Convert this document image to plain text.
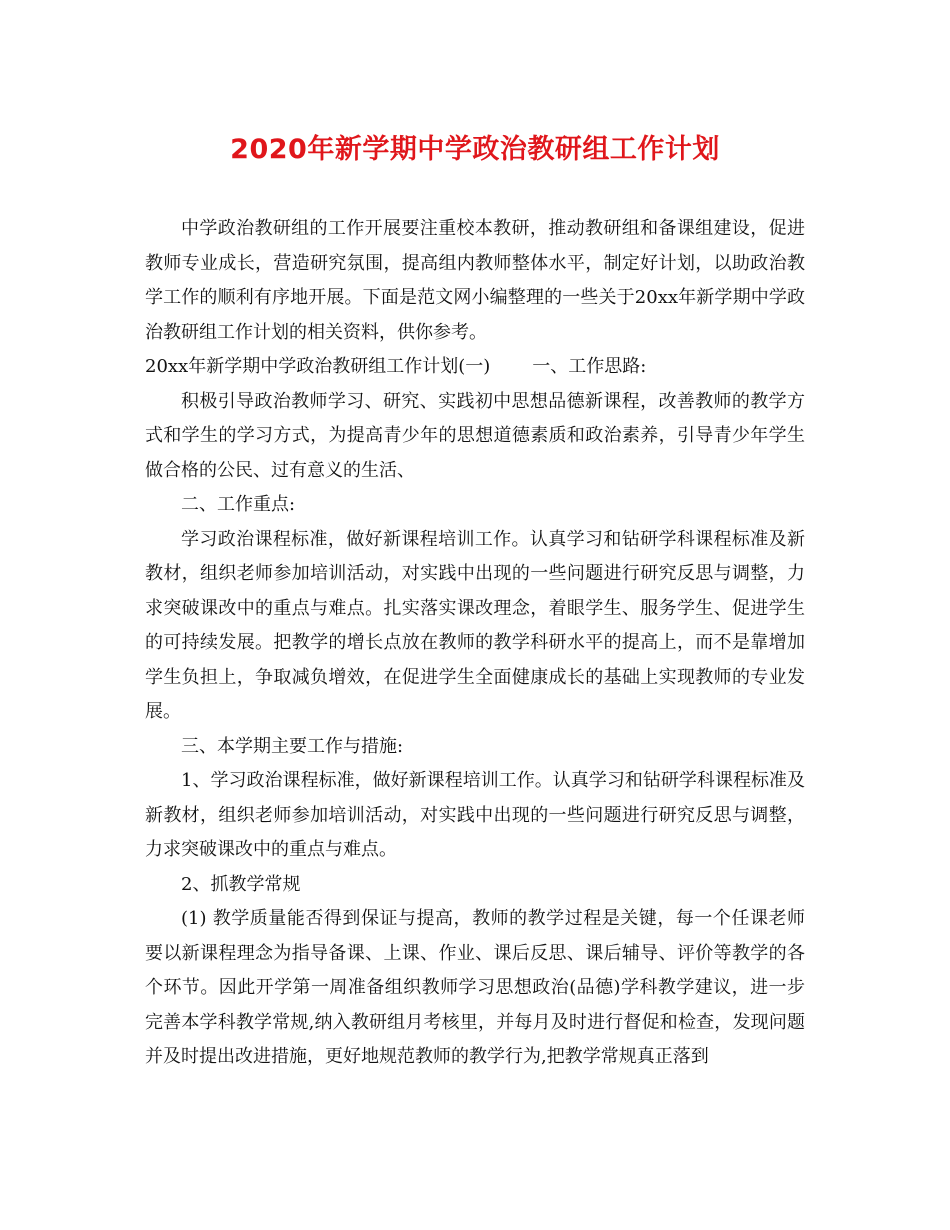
2020年新学期中学政治教研组工作计划

中学政治教研组的工作开展要注重校本教研，推动教研组和备课组建设，促进教师专业成长，营造研究氛围，提高组内教师整体水平，制定好计划，以助政治教学工作的顺利有序地开展。下面是范文网小编整理的一些关于20xx年新学期中学政治教研组工作计划的相关资料，供你参考。

20xx年新学期中学政治教研组工作计划(一) 一、工作思路:

积极引导政治教师学习、研究、实践初中思想品德新课程，改善教师的教学方式和学生的学习方式，为提高青少年的思想道德素质和政治素养，引导青少年学生做合格的公民、过有意义的生活、

二、工作重点:

学习政治课程标准，做好新课程培训工作。认真学习和钻研学科课程标准及新教材，组织老师参加培训活动，对实践中出现的一些问题进行研究反思与调整，力求突破课改中的重点与难点。扎实落实课改理念，着眼学生、服务学生、促进学生的可持续发展。把教学的增长点放在教师的教学科研水平的提高上，而不是靠增加学生负担上，争取减负增效，在促进学生全面健康成长的基础上实现教师的专业发展。

三、本学期主要工作与措施:

1、学习政治课程标准，做好新课程培训工作。认真学习和钻研学科课程标准及新教材，组织老师参加培训活动，对实践中出现的一些问题进行研究反思与调整，力求突破课改中的重点与难点。

2、抓教学常规

(1) 教学质量能否得到保证与提高，教师的教学过程是关键，每一个任课老师要以新课程理念为指导备课、上课、作业、课后反思、课后辅导、评价等教学的各个环节。因此开学第一周准备组织教师学习思想政治(品德)学科教学建议，进一步完善本学科教学常规,纳入教研组月考核里，并每月及时进行督促和检查，发现问题并及时提出改进措施，更好地规范教师的教学行为,把教学常规真正落到
